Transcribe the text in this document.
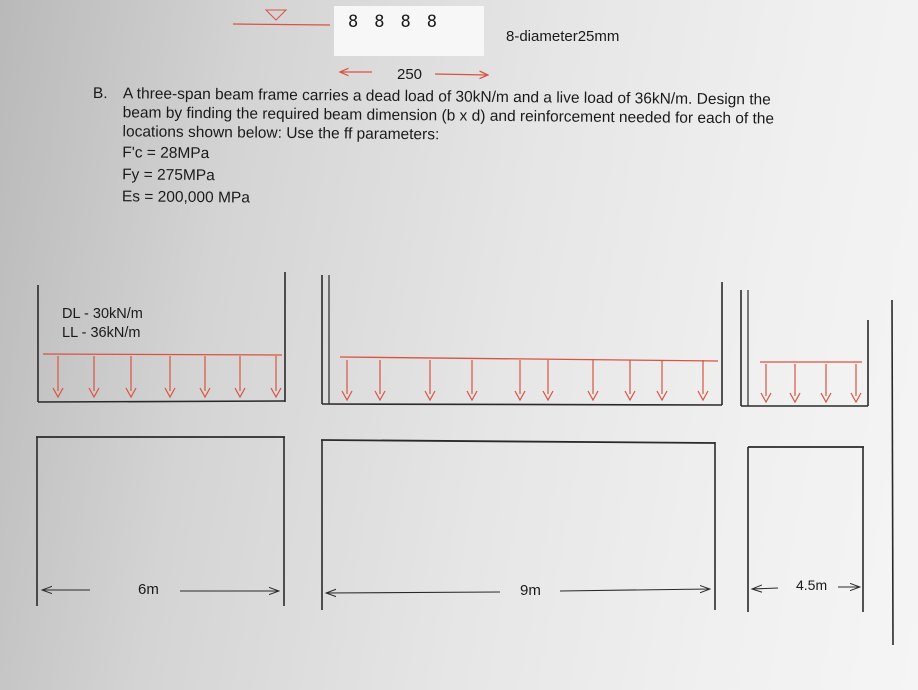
8 8 8 8
8-diameter25mm
250
B. A three-span beam frame carries a dead load of 30kN/m and a live load of 36kN/m. Design the
beam by finding the required beam dimension (b x d) and reinforcement needed for each of the
locations shown below: Use the ff parameters:
F'c = 28MPa
Fy = 275MPa
Es = 200,000 MPa
DL - 30kN/m
LL - 36kN/m
6m	9m	4.5m
